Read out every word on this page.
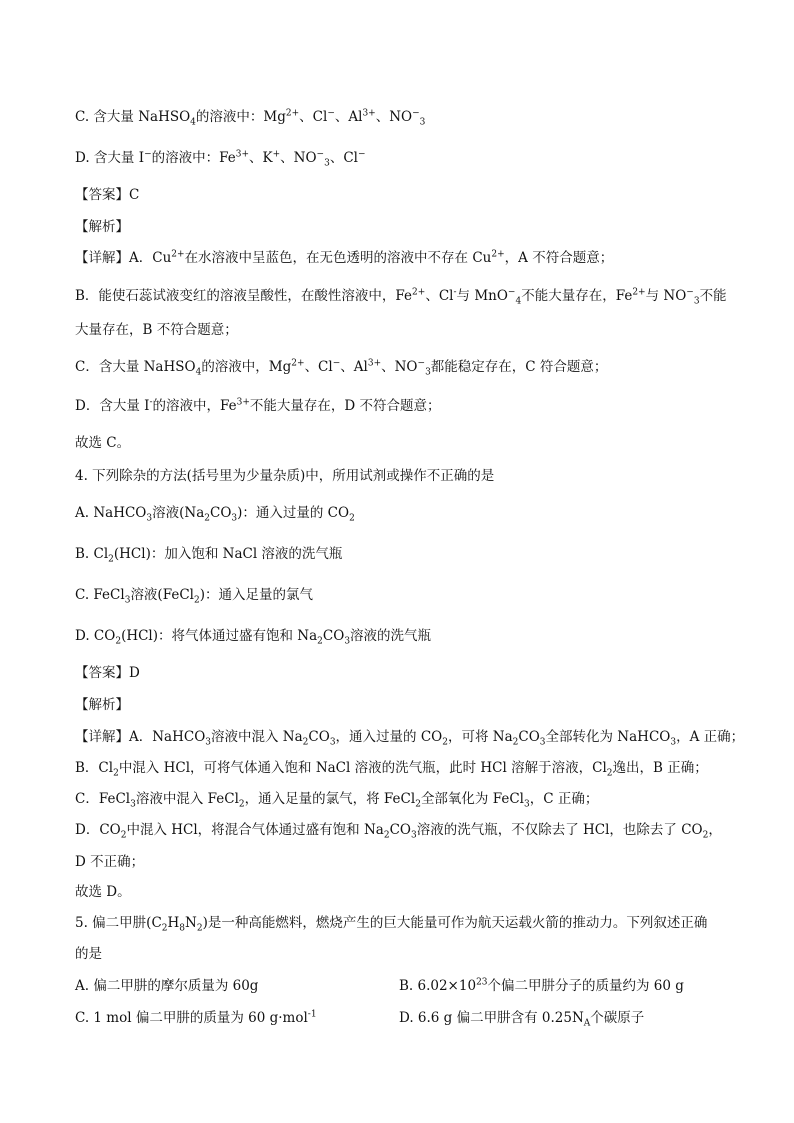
C. 含大量 NaHSO$_4$的溶液中：$Mg^{2+}$、Cl−、$Al^{3+}$、$NO^-_3$
D. 含大量 I−的溶液中：$Fe^{3+}$、K+、$NO^-_3$、Cl−
【答案】C
【解析】
【详解】A．$Cu^{2+}$在水溶液中呈蓝色，在无色透明的溶液中不存在 $Cu^{2+}$，A 不符合题意；
B．能使石蕊试液变红的溶液呈酸性，在酸性溶液中，$Fe^{2+}$、Cl-与 MnO−$_4$不能大量存在，$Fe^{2+}$与 $NO^-_3$不能
大量存在，B 不符合题意；
C．含大量 NaHSO$_4$的溶液中，$Mg^{2+}$、Cl−、$Al^{3+}$、$NO^-_3$都能稳定存在，C 符合题意；
D．含大量 I-的溶液中，$Fe^{3+}$不能大量存在，D 不符合题意；
故选 C。
4. 下列除杂的方法(括号里为少量杂质)中，所用试剂或操作不正确的是
A. NaHCO$_3$溶液$(Na_2CO_3)$：通入过量的 $CO_2$
B. $Cl_2(HCl)$：加入饱和 NaCl 溶液的洗气瓶
C. FeCl$_3$溶液(FeCl$_2$)：通入足量的氯气
D. $CO_2(HCl)$：将气体通过盛有饱和 $Na_2CO_3$溶液的洗气瓶
【答案】D
【解析】
【详解】A．NaHCO$_3$溶液中混入 $Na_2CO_3$，通入过量的 $CO_2$，可将 $Na_2CO_3$全部转化为 NaHCO$_3$，A 正确；
B．$Cl_2$中混入 HCl，可将气体通入饱和 NaCl 溶液的洗气瓶，此时 HCl 溶解于溶液，$Cl_2$逸出，B 正确；
C．FeCl$_3$溶液中混入 FeCl$_2$，通入足量的氯气，将 FeCl$_2$全部氧化为 FeCl$_3$，C 正确；
D．$CO_2$中混入 HCl，将混合气体通过盛有饱和 $Na_2CO_3$溶液的洗气瓶，不仅除去了 HCl，也除去了 $CO_2$，
D 不正确；
故选 D。
5. 偏二甲肼$(C_2H_8N_2)$是一种高能燃料，燃烧产生的巨大能量可作为航天运载火箭的推动力。下列叙述正确
的是
A. 偏二甲肼的摩尔质量为 60g	B. $6.02\times 10^{23}$个偏二甲肼分子的质量约为 60 g
C. 1 mol 偏二甲肼的质量为 60 g·mol$^{-1}$	D. 6.6 g 偏二甲肼含有 $0.25N_A$个碳原子
